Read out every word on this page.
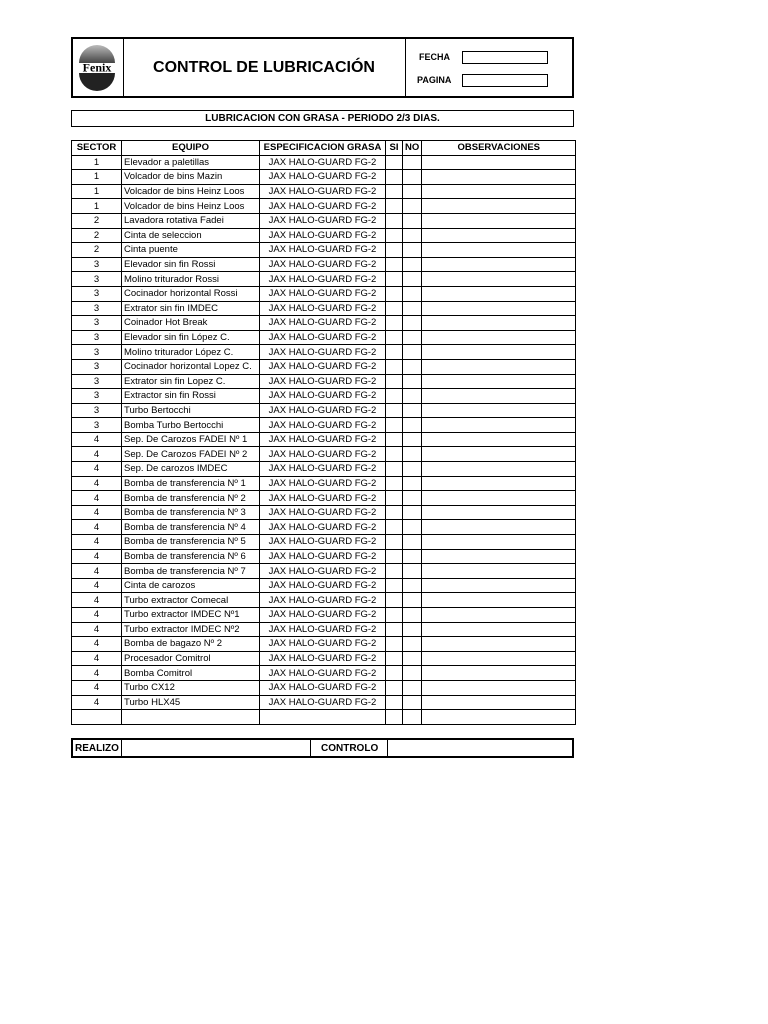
Fenix	CONTROL DE LUBRICACIÓN
FECHA
PAGINA
LUBRICACION CON GRASA - PERIODO 2/3 DIAS.
SECTOR	EQUIPO	ESPECIFICACION GRASA	SI	NO	OBSERVACIONES
1	Elevador a paletillas	JAX HALO-GUARD FG-2			
1	Volcador de bins Mazin	JAX HALO-GUARD FG-2			
1	Volcador de bins Heinz Loos	JAX HALO-GUARD FG-2			
1	Volcador de bins Heinz Loos	JAX HALO-GUARD FG-2			
2	Lavadora rotativa Fadei	JAX HALO-GUARD FG-2			
2	Cinta de seleccion	JAX HALO-GUARD FG-2			
2	Cinta puente	JAX HALO-GUARD FG-2			
3	Elevador sin fin Rossi	JAX HALO-GUARD FG-2			
3	Molino triturador Rossi	JAX HALO-GUARD FG-2			
3	Cocinador horizontal Rossi	JAX HALO-GUARD FG-2			
3	Extrator sin fin IMDEC	JAX HALO-GUARD FG-2			
3	Coinador Hot Break	JAX HALO-GUARD FG-2			
3	Elevador sin fin López C.	JAX HALO-GUARD FG-2			
3	Molino triturador López C.	JAX HALO-GUARD FG-2			
3	Cocinador horizontal Lopez C.	JAX HALO-GUARD FG-2			
3	Extrator sin fin Lopez C.	JAX HALO-GUARD FG-2			
3	Extractor sin fin Rossi	JAX HALO-GUARD FG-2			
3	Turbo Bertocchi	JAX HALO-GUARD FG-2			
3	Bomba Turbo Bertocchi	JAX HALO-GUARD FG-2			
4	Sep. De Carozos FADEI Nº 1	JAX HALO-GUARD FG-2			
4	Sep. De Carozos FADEI Nº 2	JAX HALO-GUARD FG-2			
4	Sep. De carozos IMDEC	JAX HALO-GUARD FG-2			
4	Bomba de transferencia Nº 1	JAX HALO-GUARD FG-2			
4	Bomba de transferencia Nº 2	JAX HALO-GUARD FG-2			
4	Bomba de transferencia Nº 3	JAX HALO-GUARD FG-2			
4	Bomba de transferencia Nº 4	JAX HALO-GUARD FG-2			
4	Bomba de transferencia Nº 5	JAX HALO-GUARD FG-2			
4	Bomba de transferencia Nº 6	JAX HALO-GUARD FG-2			
4	Bomba de transferencia Nº 7	JAX HALO-GUARD FG-2			
4	Cinta de carozos	JAX HALO-GUARD FG-2			
4	Turbo extractor Comecal	JAX HALO-GUARD FG-2			
4	Turbo extractor IMDEC Nº1	JAX HALO-GUARD FG-2			
4	Turbo extractor IMDEC Nº2	JAX HALO-GUARD FG-2			
4	Bomba de bagazo Nº 2	JAX HALO-GUARD FG-2			
4	Procesador Comitrol	JAX HALO-GUARD FG-2			
4	Bomba Comitrol	JAX HALO-GUARD FG-2			
4	Turbo CX12	JAX HALO-GUARD FG-2			
4	Turbo HLX45	JAX HALO-GUARD FG-2			

REALIZO	CONTROLO
